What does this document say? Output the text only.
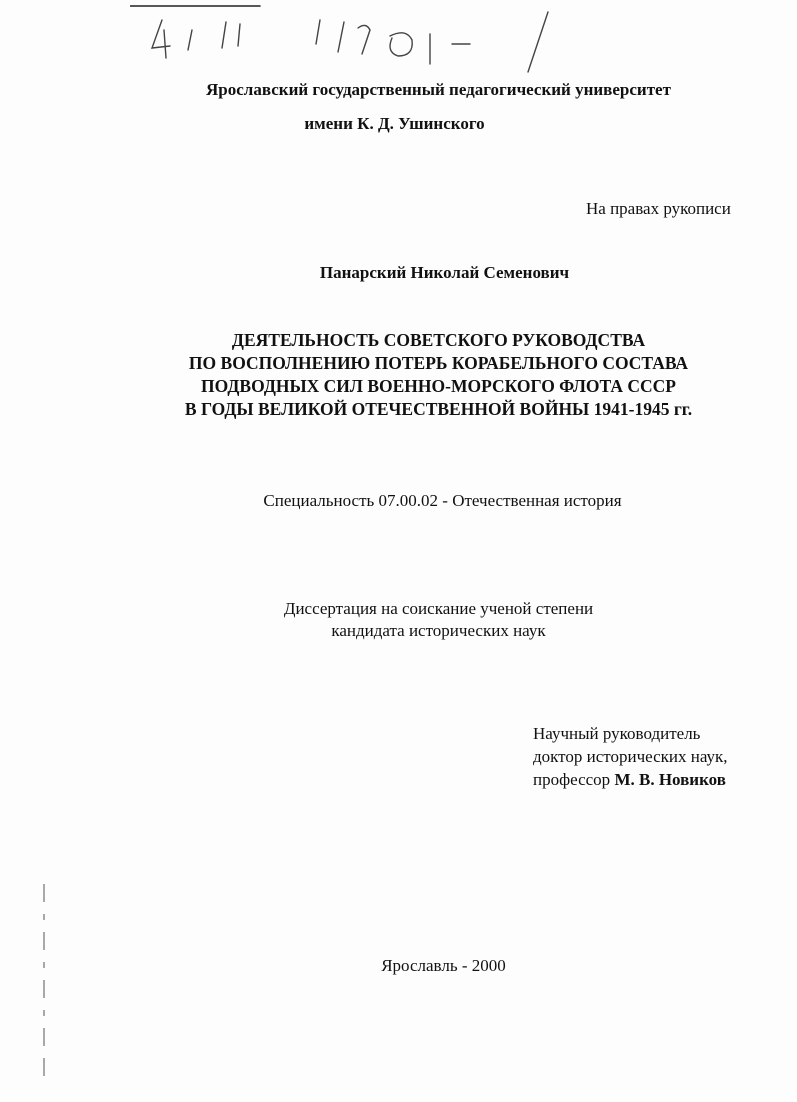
Ярославский государственный педагогический университет
имени К. Д. Ушинского
На правах рукописи
Панарский Николай Семенович
ДЕЯТЕЛЬНОСТЬ СОВЕТСКОГО РУКОВОДСТВА
ПО ВОСПОЛНЕНИЮ ПОТЕРЬ КОРАБЕЛЬНОГО СОСТАВА
ПОДВОДНЫХ СИЛ ВОЕННО-МОРСКОГО ФЛОТА СССР
В ГОДЫ ВЕЛИКОЙ ОТЕЧЕСТВЕННОЙ ВОЙНЫ 1941-1945 гг.
Специальность 07.00.02 - Отечественная история
Диссертация на соискание ученой степени
кандидата исторических наук
Научный руководитель
доктор исторических наук,
профессор М. В. Новиков
Ярославль - 2000
